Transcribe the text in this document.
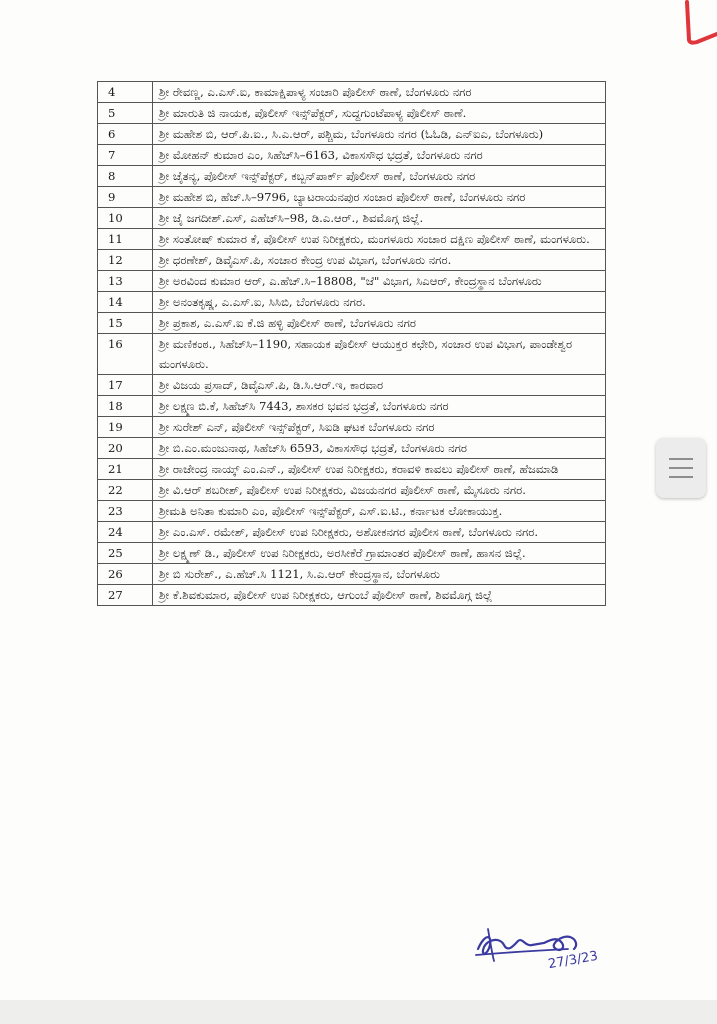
4	ಶ್ರೀ ರೇವಣ್ಣ, ಎ.ಎಸ್.ಐ, ಕಾಮಾಕ್ಷಿಪಾಳ್ಯ ಸಂಚಾರಿ ಪೊಲೀಸ್ ಠಾಣೆ, ಬೆಂಗಳೂರು ನಗರ
5	ಶ್ರೀ ಮಾರುತಿ ಜಿ ನಾಯಕ, ಪೊಲೀಸ್ ಇನ್ಸ್‌ಪೆಕ್ಟರ್, ಸುದ್ದಗುಂಟೆಪಾಳ್ಯ ಪೊಲೀಸ್ ಠಾಣೆ.
6	ಶ್ರೀ ಮಹೇಶ ಬಿ, ಆರ್.ಪಿ.ಐ., ಸಿ.ಎ.ಆರ್, ಪಶ್ಚಿಮ, ಬೆಂಗಳೂರು ನಗರ (ಓಓಡಿ, ಎನ್‌ಐಎ, ಬೆಂಗಳೂರು)
7	ಶ್ರೀ ಮೋಹನ್ ಕುಮಾರ ಎಂ, ಸಿಹೆಚ್‌ಸಿ–6163, ವಿಕಾಸಸೌಧ ಭದ್ರತೆ, ಬೆಂಗಳೂರು ನಗರ
8	ಶ್ರೀ ಚೈತನ್ಯ, ಪೊಲೀಸ್ ಇನ್ಸ್‌ಪೆಕ್ಟರ್, ಕಬ್ಬನ್‌ಪಾರ್ಕ್ ಪೊಲೀಸ್ ಠಾಣೆ, ಬೆಂಗಳೂರು ನಗರ
9	ಶ್ರೀ ಮಹೇಶ ಬಿ, ಹೆಚ್.ಸಿ–9796, ಬ್ಯಾಟರಾಯನಪುರ ಸಂಚಾರ ಪೊಲೀಸ್ ಠಾಣೆ, ಬೆಂಗಳೂರು ನಗರ
10	ಶ್ರೀ ಜೈ ಜಗದೀಶ್.ಎಸ್, ಎಹೆಚ್‌ಸಿ–98, ಡಿ.ಎ.ಆರ್., ಶಿವಮೊಗ್ಗ ಜಿಲ್ಲೆ.
11	ಶ್ರೀ ಸಂತೋಷ್ ಕುಮಾರ ಕೆ, ಪೊಲೀಸ್ ಉಪ ನಿರೀಕ್ಷಕರು, ಮಂಗಳೂರು ಸಂಚಾರ ದಕ್ಷಿಣ ಪೊಲೀಸ್ ಠಾಣೆ, ಮಂಗಳೂರು.
12	ಶ್ರೀ ಧರಣೇಶ್, ಡಿವೈಎಸ್.ಪಿ, ಸಂಚಾರ ಕೇಂದ್ರ ಉಪ ವಿಭಾಗ, ಬೆಂಗಳೂರು ನಗರ.
13	ಶ್ರೀ ಅರವಿಂದ ಕುಮಾರ ಆರ್, ಎ.ಹೆಚ್.ಸಿ–18808, "ಜೆ" ವಿಭಾಗ, ಸಿಎಆರ್, ಕೇಂದ್ರಸ್ಥಾನ ಬೆಂಗಳೂರು
14	ಶ್ರೀ ಅನಂತಕೃಷ್ಣ, ಎ.ಎಸ್.ಐ, ಸಿಸಿಬಿ, ಬೆಂಗಳೂರು ನಗರ.
15	ಶ್ರೀ ಪ್ರಕಾಶ, ಎ.ಎಸ್.ಐ ಕೆ.ಜಿ ಹಳ್ಳಿ ಪೊಲೀಸ್ ಠಾಣೆ, ಬೆಂಗಳೂರು ನಗರ
16	ಶ್ರೀ ಮಣಿಕಂಠ., ಸಿಹೆಚ್‌ಸಿ–1190, ಸಹಾಯಕ ಪೊಲೀಸ್ ಆಯುಕ್ತರ ಕಛೇರಿ, ಸಂಚಾರ ಉಪ ವಿಭಾಗ, ಪಾಂಡೇಶ್ವರ ಮಂಗಳೂರು.
17	ಶ್ರೀ ವಿಜಯ ಪ್ರಸಾದ್, ಡಿವೈಎಸ್.ಪಿ, ಡಿ.ಸಿ.ಆರ್.ಇ, ಕಾರವಾರ
18	ಶ್ರೀ ಲಕ್ಷ್ಮಣ ಬಿ.ಕೆ, ಸಿಹೆಚ್‌ಸಿ 7443, ಶಾಸಕರ ಭವನ ಭದ್ರತೆ, ಬೆಂಗಳೂರು ನಗರ
19	ಶ್ರೀ ಸುರೇಶ್ ಎನ್, ಪೊಲೀಸ್ ಇನ್ಸ್‌ಪೆಕ್ಟರ್, ಸಿಐಡಿ ಘಟಕ ಬೆಂಗಳೂರು ನಗರ
20	ಶ್ರೀ ಬಿ.ಎಂ.ಮಂಜುನಾಥ, ಸಿಹೆಚ್‌ಸಿ 6593, ವಿಕಾಸಸೌಧ ಭದ್ರತೆ, ಬೆಂಗಳೂರು ನಗರ
21	ಶ್ರೀ ರಾಜೇಂದ್ರ ನಾಯ್ಕ್ ಎಂ.ಎನ್., ಪೊಲೀಸ್ ಉಪ ನಿರೀಕ್ಷಕರು, ಕರಾವಳಿ ಕಾವಲು ಪೊಲೀಸ್ ಠಾಣೆ, ಹೆಜಮಾಡಿ
22	ಶ್ರೀ ವಿ.ಆರ್ ಶಬರೀಶ್, ಪೊಲೀಸ್ ಉಪ ನಿರೀಕ್ಷಕರು, ವಿಜಯನಗರ ಪೊಲೀಸ್ ಠಾಣೆ, ಮೈಸೂರು ನಗರ.
23	ಶ್ರೀಮತಿ ಅನಿತಾ ಕುಮಾರಿ ಎಂ, ಪೊಲೀಸ್ ಇನ್ಸ್‌ಪೆಕ್ಟರ್, ಎಸ್.ಐ.ಟಿ., ಕರ್ನಾಟಕ ಲೋಕಾಯುಕ್ತ.
24	ಶ್ರೀ ಎಂ.ಎಸ್. ರಮೇಶ್, ಪೊಲೀಸ್ ಉಪ ನಿರೀಕ್ಷಕರು, ಅಶೋಕನಗರ ಪೊಲೀಸ ಠಾಣೆ, ಬೆಂಗಳೂರು ನಗರ.
25	ಶ್ರೀ ಲಕ್ಷ್ಮಣ್ ಡಿ., ಪೊಲೀಸ್ ಉಪ ನಿರೀಕ್ಷಕರು, ಅರಸೀಕೆರೆ ಗ್ರಾಮಾಂತರ ಪೊಲೀಸ್ ಠಾಣೆ, ಹಾಸನ ಜಿಲ್ಲೆ.
26	ಶ್ರೀ ಬಿ ಸುರೇಶ್., ಎ.ಹೆಚ್.ಸಿ 1121, ಸಿ.ಎ.ಆರ್ ಕೇಂದ್ರಸ್ಥಾನ, ಬೆಂಗಳೂರು
27	ಶ್ರೀ ಕೆ.ಶಿವಕುಮಾರ, ಪೊಲೀಸ್ ಉಪ ನಿರೀಕ್ಷಕರು, ಆಗುಂಬೆ ಪೊಲೀಸ್ ಠಾಣೆ, ಶಿವಮೊಗ್ಗ ಜಿಲ್ಲೆ
27/3/23
